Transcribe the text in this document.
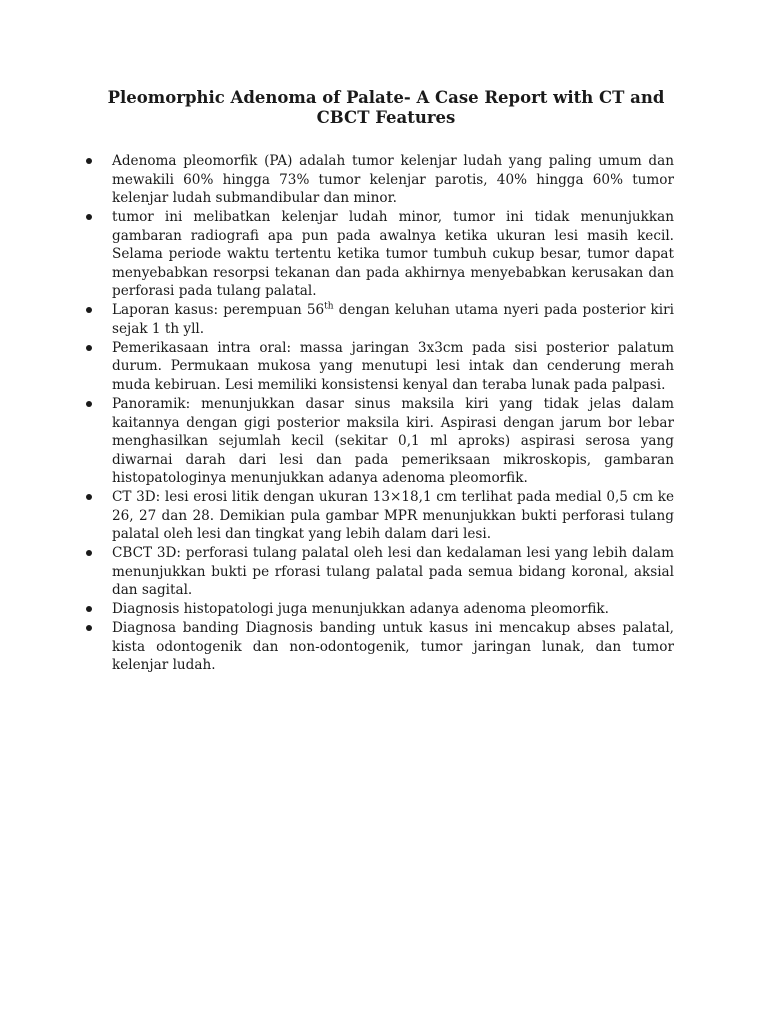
Pleomorphic Adenoma of Palate- A Case Report with CT and CBCT Features
Adenoma pleomorfik (PA) adalah tumor kelenjar ludah yang paling umum dan mewakili 60% hingga 73% tumor kelenjar parotis, 40% hingga 60% tumor kelenjar ludah submandibular dan minor.
tumor ini melibatkan kelenjar ludah minor, tumor ini tidak menunjukkan gambaran radiografi apa pun pada awalnya ketika ukuran lesi masih kecil. Selama periode waktu tertentu ketika tumor tumbuh cukup besar, tumor dapat menyebabkan resorpsi tekanan dan pada akhirnya menyebabkan kerusakan dan perforasi pada tulang palatal.
Laporan kasus: perempuan 56th dengan keluhan utama nyeri pada posterior kiri sejak 1 th yll.
Pemerikasaan intra oral: massa jaringan 3x3cm pada sisi posterior palatum durum. Permukaan mukosa yang menutupi lesi intak dan cenderung merah muda kebiruan. Lesi memiliki konsistensi kenyal dan teraba lunak pada palpasi.
Panoramik: menunjukkan dasar sinus maksila kiri yang tidak jelas dalam kaitannya dengan gigi posterior maksila kiri. Aspirasi dengan jarum bor lebar menghasilkan sejumlah kecil (sekitar 0,1 ml aproks) aspirasi serosa yang diwarnai darah dari lesi dan pada pemeriksaan mikroskopis, gambaran histopatologinya menunjukkan adanya adenoma pleomorfik.
CT 3D: lesi erosi litik dengan ukuran 13×18,1 cm terlihat pada medial 0,5 cm ke 26, 27 dan 28. Demikian pula gambar MPR menunjukkan bukti perforasi tulang palatal oleh lesi dan tingkat yang lebih dalam dari lesi.
CBCT 3D: perforasi tulang palatal oleh lesi dan kedalaman lesi yang lebih dalam menunjukkan bukti pe rforasi tulang palatal pada semua bidang koronal, aksial dan sagital.
Diagnosis histopatologi juga menunjukkan adanya adenoma pleomorfik.
Diagnosa banding Diagnosis banding untuk kasus ini mencakup abses palatal, kista odontogenik dan non-odontogenik, tumor jaringan lunak, dan tumor kelenjar ludah.
